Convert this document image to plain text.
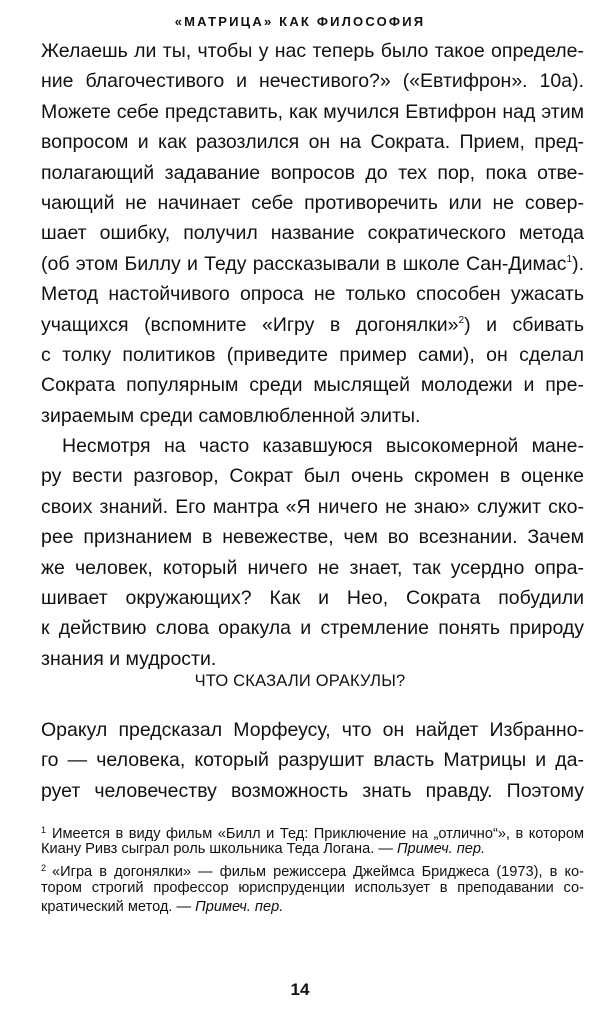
«МАТРИЦА» КАК ФИЛОСОФИЯ
Желаешь ли ты, чтобы у нас теперь было такое определе-
ние благочестивого и нечестивого?» («Евтифрон». 10а).
Можете себе представить, как мучился Евтифрон над этим
вопросом и как разозлился он на Сократа. Прием, пред-
полагающий задавание вопросов до тех пор, пока отве-
чающий не начинает себе противоречить или не совер-
шает ошибку, получил название сократического метода
(об этом Биллу и Теду рассказывали в школе Сан-Димас$^1$).
Метод настойчивого опроса не только способен ужасать
учащихся (вспомните «Игру в догонялки»$^2$) и сбивать
с толку политиков (приведите пример сами), он сделал
Сократа популярным среди мыслящей молодежи и пре-
зираемым среди самовлюбленной элиты.
Несмотря на часто казавшуюся высокомерной мане-
ру вести разговор, Сократ был очень скромен в оценке
своих знаний. Его мантра «Я ничего не знаю» служит ско-
рее признанием в невежестве, чем во всезнании. Зачем
же человек, который ничего не знает, так усердно опра-
шивает окружающих? Как и Нео, Сократа побудили
к действию слова оракула и стремление понять природу
знания и мудрости.
ЧТО СКАЗАЛИ ОРАКУЛЫ?
Оракул предсказал Морфеусу, что он найдет Избранно-
го — человека, который разрушит власть Матрицы и да-
рует человечеству возможность знать правду. Поэтому
$^1$ Имеется в виду фильм «Билл и Тед: Приключение на „отлично“», в котором
Киану Ривз сыграл роль школьника Теда Логана. — Примеч. пер.
$^2$ «Игра в догонялки» — фильм режиссера Джеймса Бриджеса (1973), в ко-
тором строгий профессор юриспруденции использует в преподавании со-
кратический метод. — Примеч. пер.
14
